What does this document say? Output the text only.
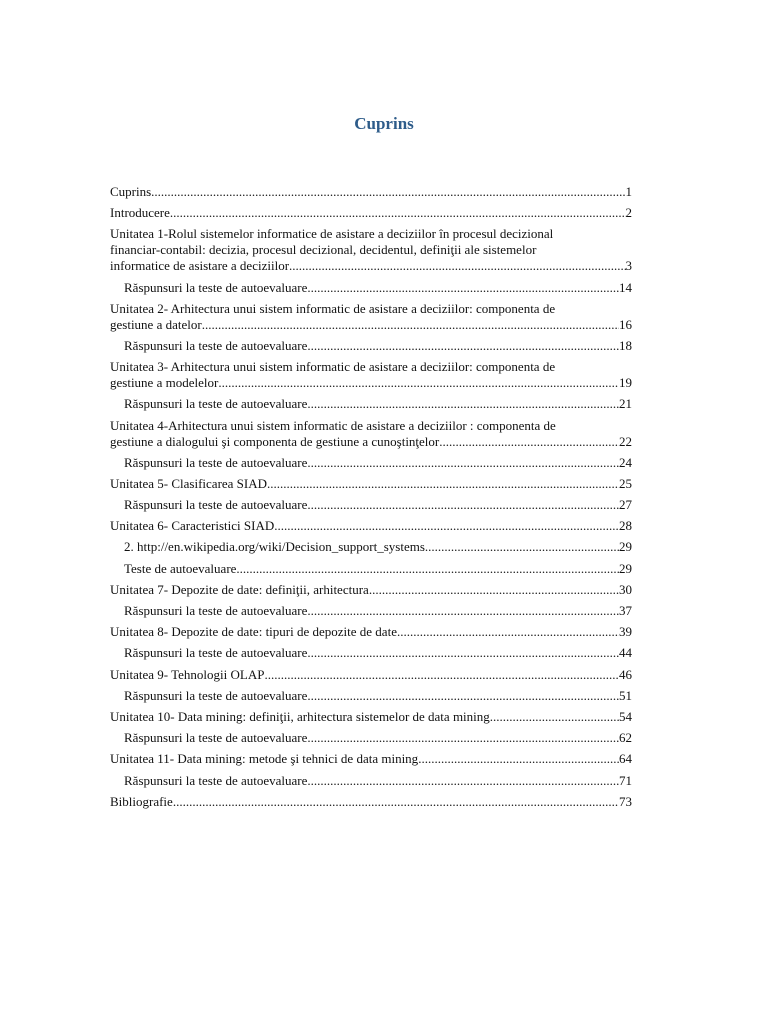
Cuprins
Cuprins .....	1
Introducere .....	2
Unitatea 1-Rolul sistemelor informatice de asistare a deciziilor în procesul decizional
financiar-contabil: decizia, procesul decizional, decidentul, definiţii ale sistemelor
informatice de asistare a deciziilor .....	3
Răspunsuri la teste de autoevaluare .....	14
Unitatea 2- Arhitectura unui sistem informatic de asistare a deciziilor: componenta de
gestiune a datelor .....	16
Răspunsuri la teste de autoevaluare .....	18
Unitatea 3- Arhitectura unui sistem informatic de asistare a deciziilor: componenta de
gestiune a modelelor .....	19
Răspunsuri la teste de autoevaluare .....	21
Unitatea 4-Arhitectura unui sistem informatic de asistare a deciziilor : componenta de
gestiune a dialogului şi componenta de gestiune a cunoştinţelor .....	22
Răspunsuri la teste de autoevaluare .....	24
Unitatea 5- Clasificarea SIAD .....	25
Răspunsuri la teste de autoevaluare .....	27
Unitatea 6- Caracteristici SIAD .....	28
2. http://en.wikipedia.org/wiki/Decision_support_systems .....	29
Teste de autoevaluare .....	29
Unitatea 7- Depozite de date: definiţii, arhitectura .....	30
Răspunsuri la teste de autoevaluare .....	37
Unitatea 8- Depozite de date: tipuri de depozite de date .....	39
Răspunsuri la teste de autoevaluare .....	44
Unitatea 9- Tehnologii OLAP .....	46
Răspunsuri la teste de autoevaluare .....	51
Unitatea 10- Data mining: definiţii, arhitectura sistemelor de data mining .....	54
Răspunsuri la teste de autoevaluare .....	62
Unitatea 11- Data mining: metode şi tehnici de data mining .....	64
Răspunsuri la teste de autoevaluare .....	71
Bibliografie .....	73
